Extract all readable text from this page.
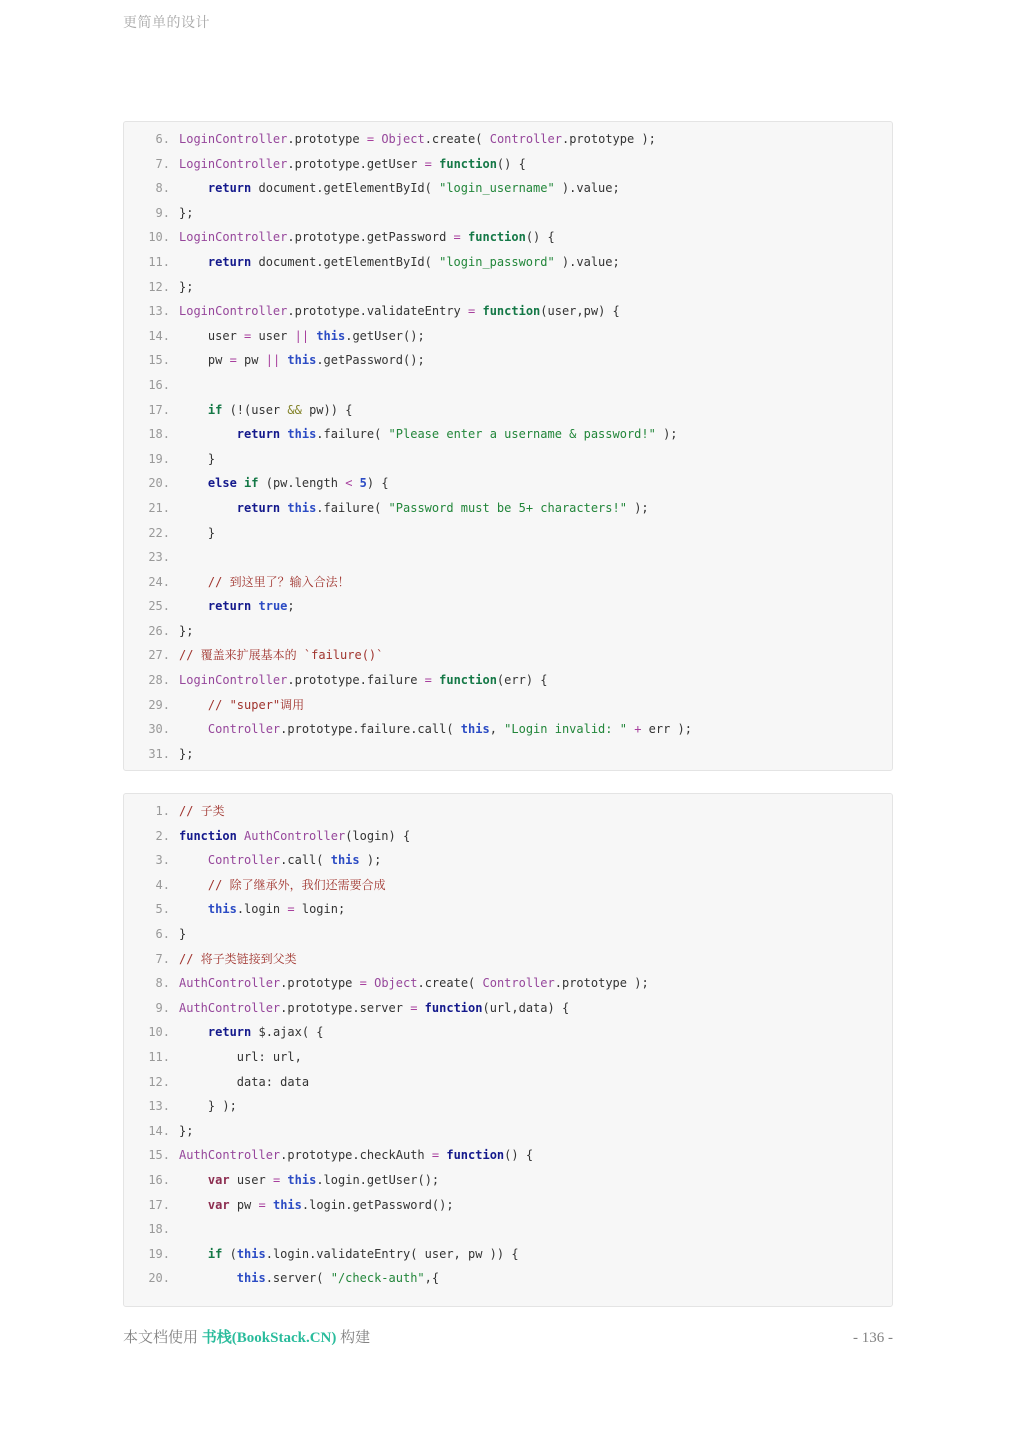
更简单的设计
6. LoginController.prototype = Object.create( Controller.prototype );
7. LoginController.prototype.getUser = function() {
8.	return document.getElementById( "login_username" ).value;
9. };
10. LoginController.prototype.getPassword = function() {
11.	return document.getElementById( "login_password" ).value;
12. };
13. LoginController.prototype.validateEntry = function(user,pw) {
14.    user = user || this.getUser();
15.    pw = pw || this.getPassword();
16.
17.	if (!(user && pw)) {
18.	return this.failure( "Please enter a username & password!" );
19.    }
20.	else if (pw.length < 5) {
21.	return this.failure( "Password must be 5+ characters!" );
22.    }
23.
24.	// 到这里了？输入合法！
25.	return true;
26. };
27. // 覆盖来扩展基本的 `failure()`
28. LoginController.prototype.failure = function(err) {
29.	// "super"调用
30.	Controller.prototype.failure.call( this, "Login invalid: " + err );
31. };
1. // 子类
2. function AuthController(login) {
3.	Controller.call( this );
4.	// 除了继承外，我们还需要合成
5.	this.login = login;
6. }
7. // 将子类链接到父类
8. AuthController.prototype = Object.create( Controller.prototype );
9. AuthController.prototype.server = function(url,data) {
10.	return $.ajax( {
11.        url: url,
12.        data: data
13.    } );
14. };
15. AuthController.prototype.checkAuth = function() {
16.	var user = this.login.getUser();
17.	var pw = this.login.getPassword();
18.
19.	if (this.login.validateEntry( user, pw )) {
20.	this.server( "/check-auth",{
本文档使用 书栈(BookStack.CN) 构建	- 136 -
